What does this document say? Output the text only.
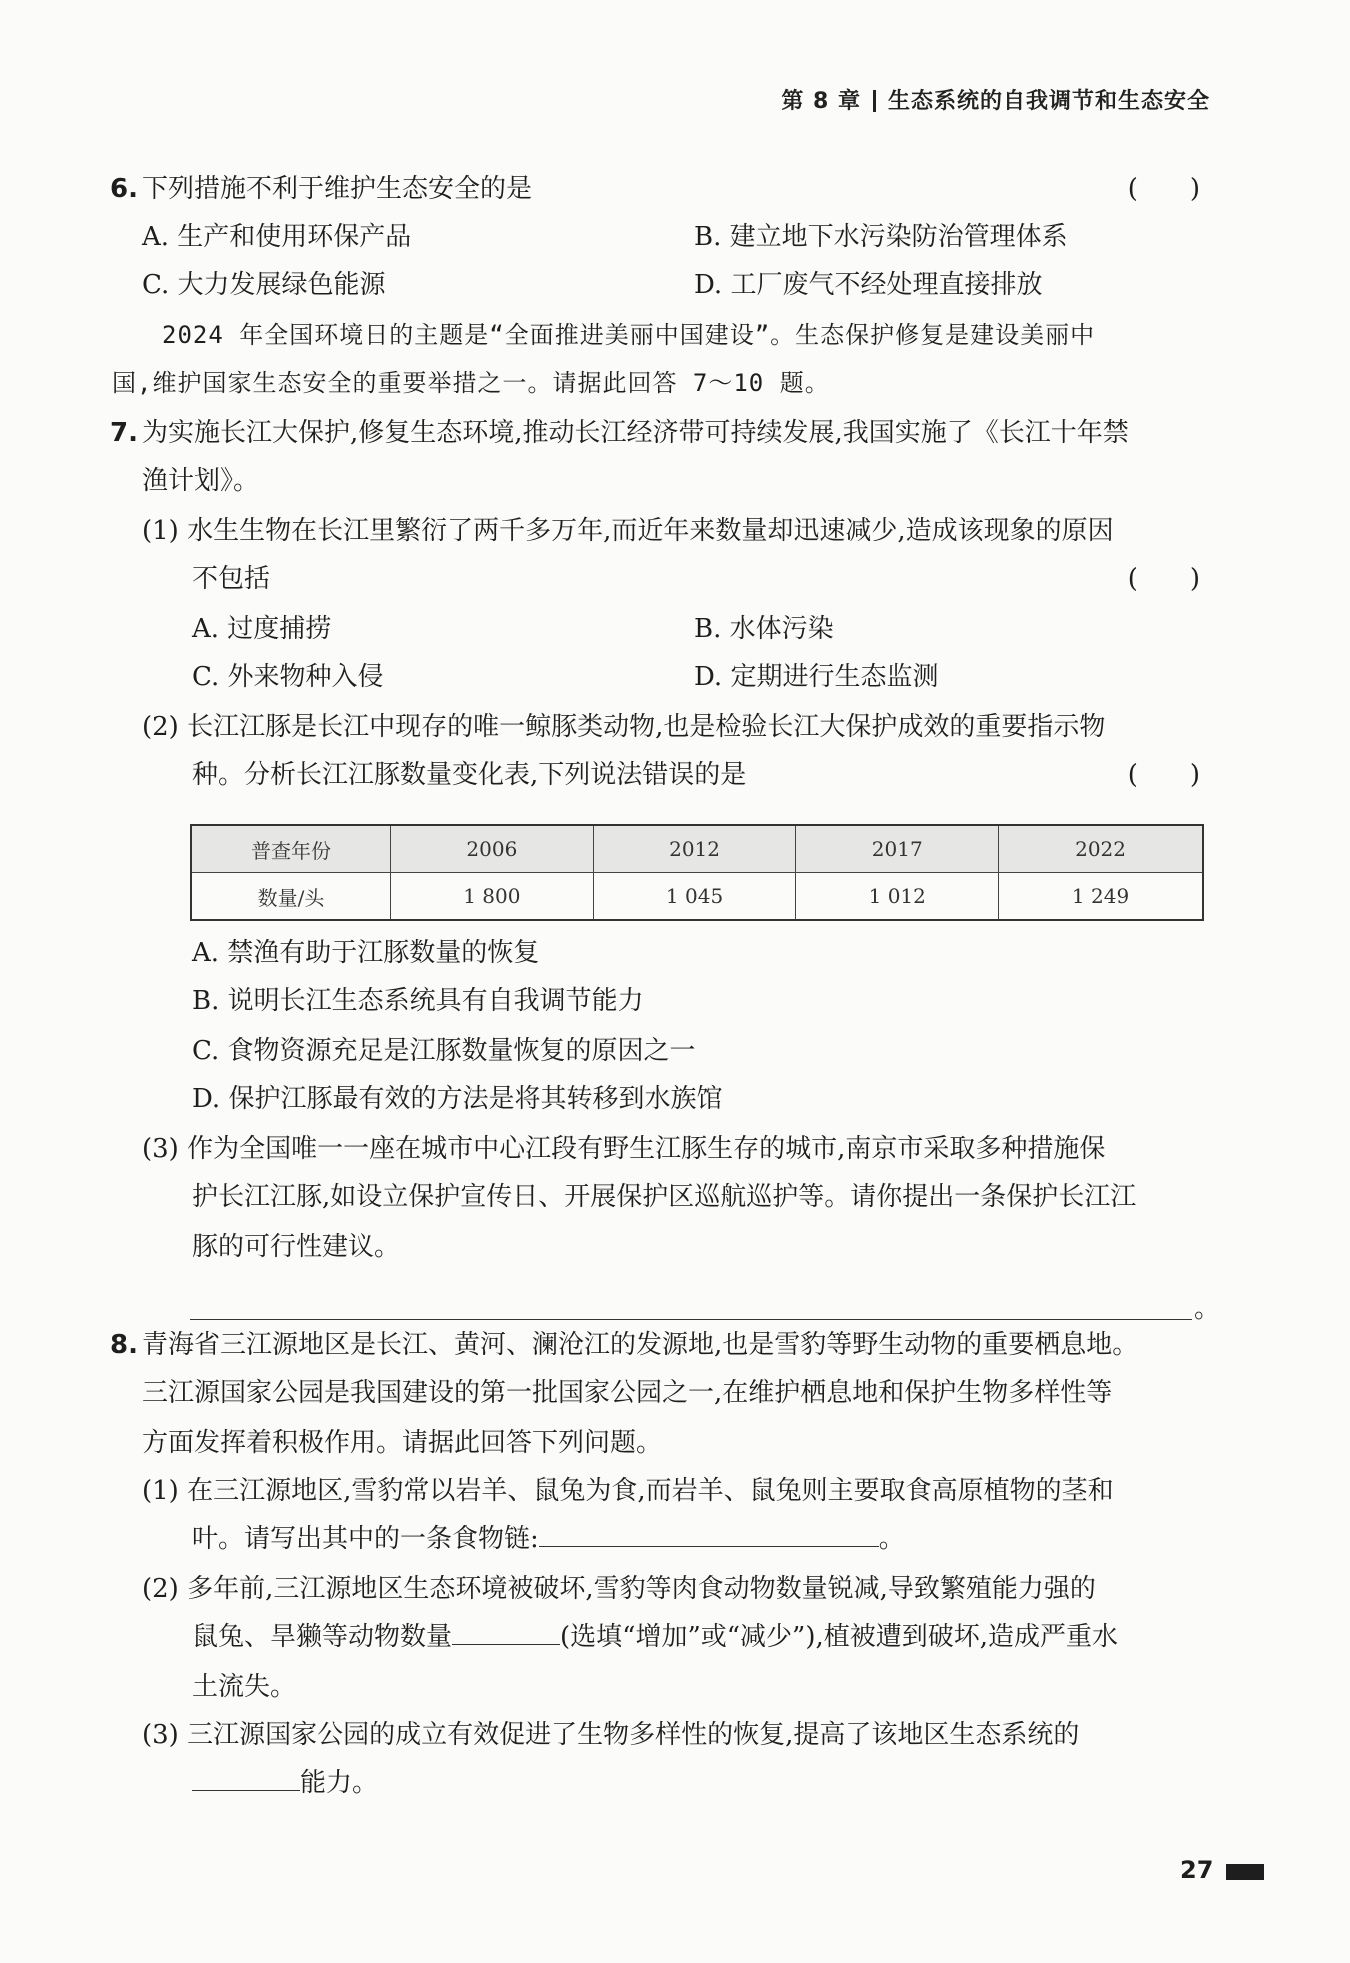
第 8 章 生态系统的自我调节和生态安全
6. 下列措施不利于维护生态安全的是	(　　)
A. 生产和使用环保产品	B. 建立地下水污染防治管理体系
C. 大力发展绿色能源	D. 工厂废气不经处理直接排放
2024 年全国环境日的主题是“全面推进美丽中国建设”。生态保护修复是建设美丽中
国,维护国家生态安全的重要举措之一。请据此回答 7～10 题。
7. 为实施长江大保护,修复生态环境,推动长江经济带可持续发展,我国实施了《长江十年禁
渔计划》。
(1) 水生生物在长江里繁衍了两千多万年,而近年来数量却迅速减少,造成该现象的原因
不包括	(　　)
A. 过度捕捞	B. 水体污染
C. 外来物种入侵	D. 定期进行生态监测
(2) 长江江豚是长江中现存的唯一鲸豚类动物,也是检验长江大保护成效的重要指示物
种。分析长江江豚数量变化表,下列说法错误的是	(　　)
普查年份	2006	2012	2017	2022
数量/头	1 800	1 045	1 012	1 249
A. 禁渔有助于江豚数量的恢复
B. 说明长江生态系统具有自我调节能力
C. 食物资源充足是江豚数量恢复的原因之一
D. 保护江豚最有效的方法是将其转移到水族馆
(3) 作为全国唯一一座在城市中心江段有野生江豚生存的城市,南京市采取多种措施保
护长江江豚,如设立保护宣传日、开展保护区巡航巡护等。请你提出一条保护长江江
豚的可行性建议。
。
8. 青海省三江源地区是长江、黄河、澜沧江的发源地,也是雪豹等野生动物的重要栖息地。
三江源国家公园是我国建设的第一批国家公园之一,在维护栖息地和保护生物多样性等
方面发挥着积极作用。请据此回答下列问题。
(1) 在三江源地区,雪豹常以岩羊、鼠兔为食,而岩羊、鼠兔则主要取食高原植物的茎和
叶。请写出其中的一条食物链:	。
(2) 多年前,三江源地区生态环境被破坏,雪豹等肉食动物数量锐减,导致繁殖能力强的
鼠兔、旱獭等动物数量	(选填“增加”或“减少”),植被遭到破坏,造成严重水
土流失。
(3) 三江源国家公园的成立有效促进了生物多样性的恢复,提高了该地区生态系统的
能力。
27
